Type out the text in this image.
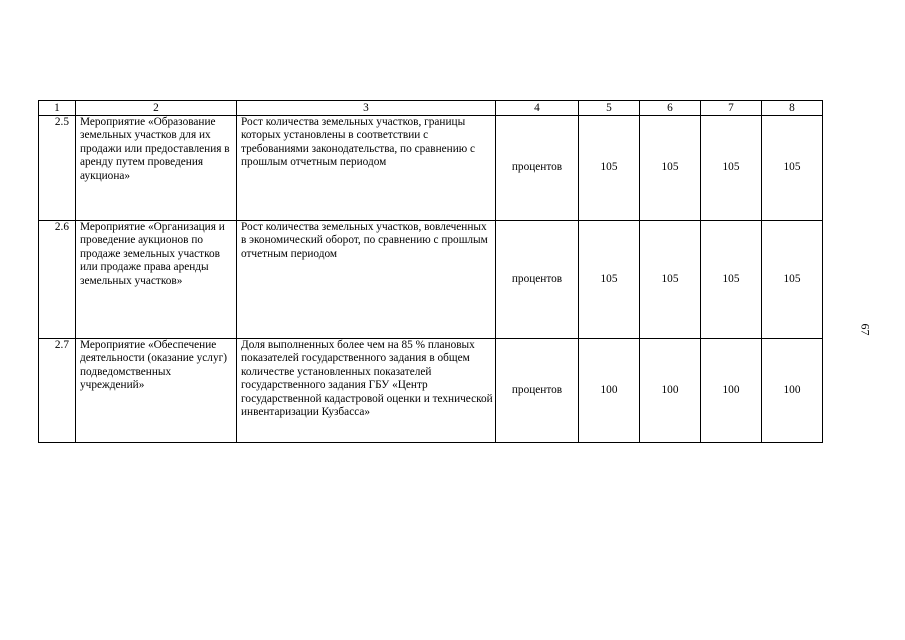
1	2	3	4	5	6	7	8
2.5	Мероприятие «Образование земельных участков для их продажи или предоставления в аренду путем проведения аукциона»	Рост количества земельных участков, границы которых установлены в соответствии с требованиями законодательства, по сравнению с прошлым отчетным периодом	процентов	105	105	105	105
2.6	Мероприятие «Организация и проведение аукционов по продаже земельных участков или продаже права аренды земельных участков»	Рост количества земельных участков, вовлеченных в экономический оборот, по сравнению с прошлым отчетным периодом	процентов	105	105	105	105
2.7	Мероприятие «Обеспечение деятельности (оказание услуг) подведомственных учреждений»	Доля выполненных более чем на 85 % плановых показателей государственного задания в общем количестве установленных показателей государственного задания ГБУ «Центр государственной кадастровой оценки и технической инвентаризации Кузбасса»	процентов	100	100	100	100
67
